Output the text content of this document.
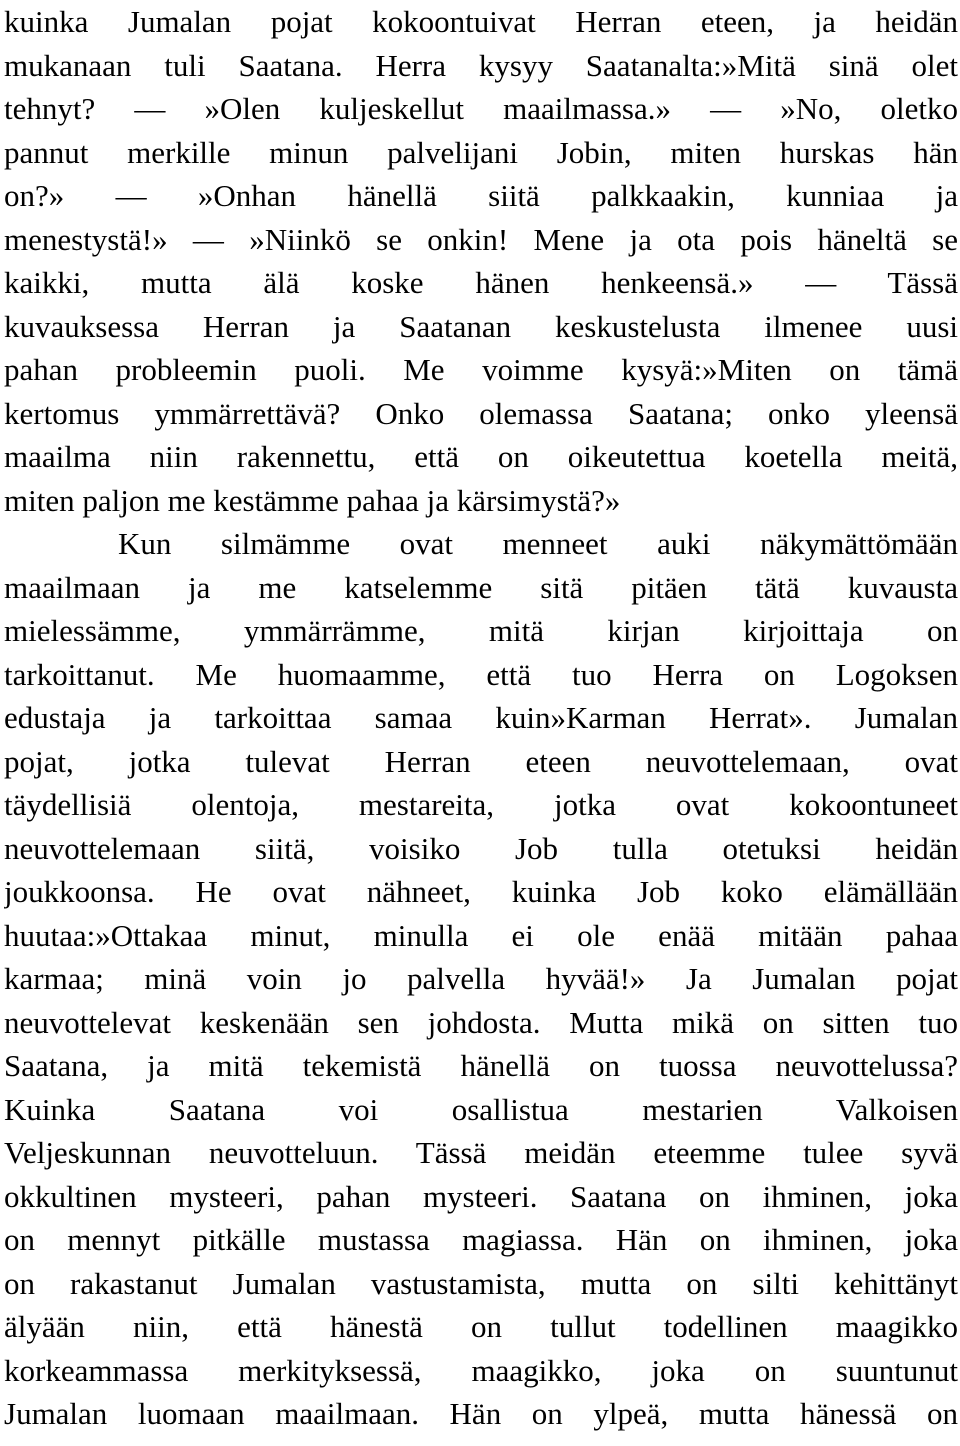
kuinka Jumalan pojat kokoontuivat Herran eteen, ja heidän
mukanaan tuli Saatana. Herra kysyy Saatanalta:»Mitä sinä olet
tehnyt? — »Olen kuljeskellut maailmassa.» — »No, oletko
pannut merkille minun palvelijani Jobin, miten hurskas hän
on?» — »Onhan hänellä siitä palkkaakin, kunniaa ja
menestystä!» — »Niinkö se onkin! Mene ja ota pois häneltä se
kaikki, mutta älä koske hänen henkeensä.» — Tässä
kuvauksessa Herran ja Saatanan keskustelusta ilmenee uusi
pahan probleemin puoli. Me voimme kysyä:»Miten on tämä
kertomus ymmärrettävä? Onko olemassa Saatana; onko yleensä
maailma niin rakennettu, että on oikeutettua koetella meitä,
miten paljon me kestämme pahaa ja kärsimystä?»
Kun silmämme ovat menneet auki näkymättömään
maailmaan ja me katselemme sitä pitäen tätä kuvausta
mielessämme, ymmärrämme, mitä kirjan kirjoittaja on
tarkoittanut. Me huomaamme, että tuo Herra on Logoksen
edustaja ja tarkoittaa samaa kuin»Karman Herrat». Jumalan
pojat, jotka tulevat Herran eteen neuvottelemaan, ovat
täydellisiä olentoja, mestareita, jotka ovat kokoontuneet
neuvottelemaan siitä, voisiko Job tulla otetuksi heidän
joukkoonsa. He ovat nähneet, kuinka Job koko elämällään
huutaa:»Ottakaa minut, minulla ei ole enää mitään pahaa
karmaa; minä voin jo palvella hyvää!» Ja Jumalan pojat
neuvottelevat keskenään sen johdosta. Mutta mikä on sitten tuo
Saatana, ja mitä tekemistä hänellä on tuossa neuvottelussa?
Kuinka Saatana voi osallistua mestarien Valkoisen
Veljeskunnan neuvotteluun. Tässä meidän eteemme tulee syvä
okkultinen mysteeri, pahan mysteeri. Saatana on ihminen, joka
on mennyt pitkälle mustassa magiassa. Hän on ihminen, joka
on rakastanut Jumalan vastustamista, mutta on silti kehittänyt
älyään niin, että hänestä on tullut todellinen maagikko
korkeammassa merkityksessä, maagikko, joka on suuntunut
Jumalan luomaan maailmaan. Hän on ylpeä, mutta hänessä on
